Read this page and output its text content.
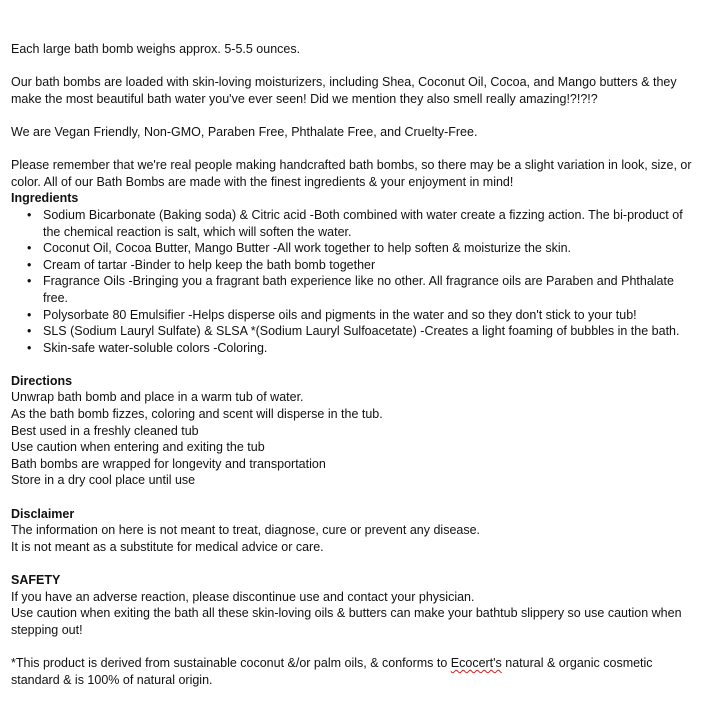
Each large bath bomb weighs approx. 5-5.5 ounces.

Our bath bombs are loaded with skin-loving moisturizers, including Shea, Coconut Oil, Cocoa, and Mango butters & they make the most beautiful bath water you've ever seen! Did we mention they also smell really amazing!?!?!?

We are Vegan Friendly, Non-GMO, Paraben Free, Phthalate Free, and Cruelty-Free.

Please remember that we're real people making handcrafted bath bombs, so there may be a slight variation in look, size, or color. All of our Bath Bombs are made with the finest ingredients & your enjoyment in mind!

Ingredients

• Sodium Bicarbonate (Baking soda) & Citric acid -Both combined with water create a fizzing action. The bi-product of the chemical reaction is salt, which will soften the water.
• Coconut Oil, Cocoa Butter, Mango Butter -All work together to help soften & moisturize the skin.
• Cream of tartar -Binder to help keep the bath bomb together
• Fragrance Oils -Bringing you a fragrant bath experience like no other. All fragrance oils are Paraben and Phthalate free.
• Polysorbate 80 Emulsifier -Helps disperse oils and pigments in the water and so they don't stick to your tub!
• SLS (Sodium Lauryl Sulfate) & SLSA *(Sodium Lauryl Sulfoacetate) -Creates a light foaming of bubbles in the bath.
• Skin-safe water-soluble colors -Coloring.

Directions

Unwrap bath bomb and place in a warm tub of water.

As the bath bomb fizzes, coloring and scent will disperse in the tub.

Best used in a freshly cleaned tub

Use caution when entering and exiting the tub

Bath bombs are wrapped for longevity and transportation

Store in a dry cool place until use

Disclaimer

The information on here is not meant to treat, diagnose, cure or prevent any disease.

It is not meant as a substitute for medical advice or care.

SAFETY

If you have an adverse reaction, please discontinue use and contact your physician.

Use caution when exiting the bath all these skin-loving oils & butters can make your bathtub slippery so use caution when stepping out!

*This product is derived from sustainable coconut &/or palm oils, & conforms to Ecocert's natural & organic cosmetic standard & is 100% of natural origin.
